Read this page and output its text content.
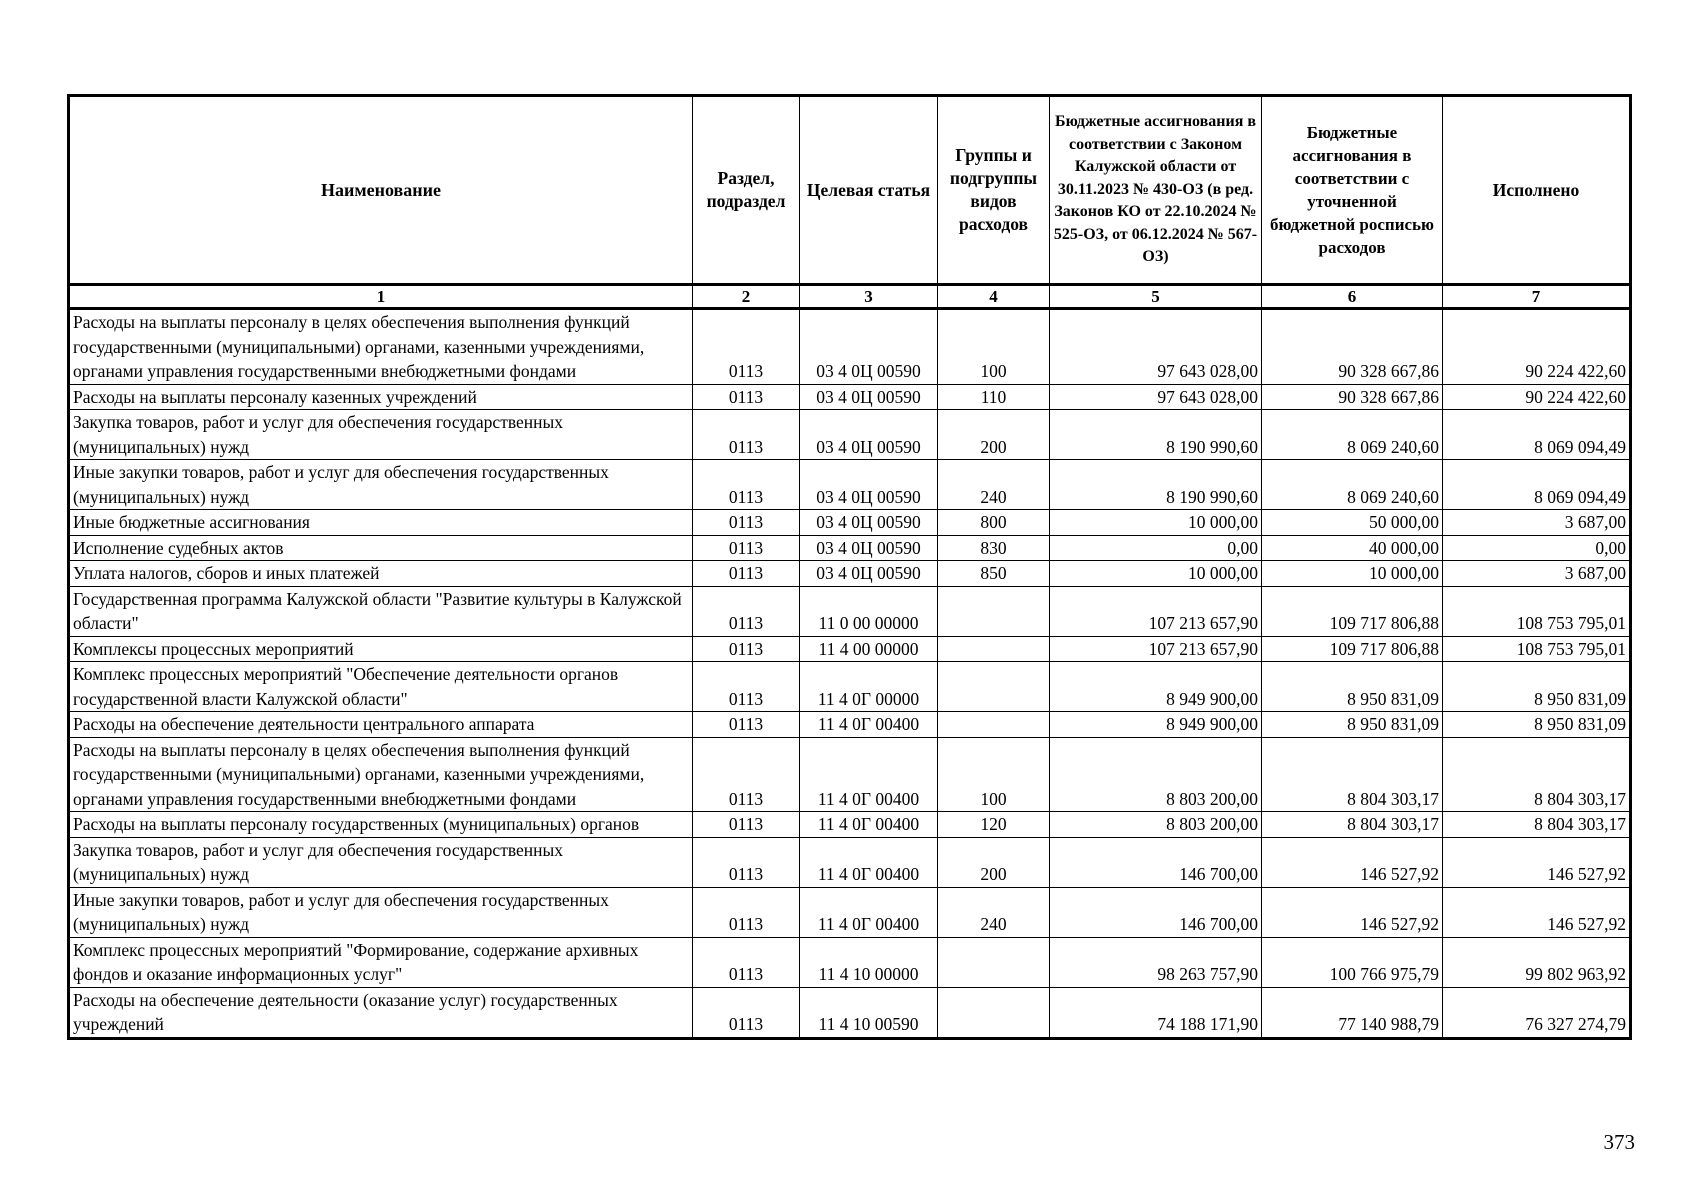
Наименование	Раздел, подраздел	Целевая статья	Группы и подгруппы видов расходов	Бюджетные ассигнования в соответствии с Законом Калужской области от 30.11.2023 № 430-ОЗ (в ред. Законов КО от 22.10.2024 № 525-ОЗ, от 06.12.2024 № 567-ОЗ)	Бюджетные ассигнования в соответствии с уточненной бюджетной росписью расходов	Исполнено
1	2	3	4	5	6	7
Расходы на выплаты персоналу в целях обеспечения выполнения функций государственными (муниципальными) органами, казенными учреждениями, органами управления государственными внебюджетными фондами	0113	03 4 0Ц 00590	100	97 643 028,00	90 328 667,86	90 224 422,60
Расходы на выплаты персоналу казенных учреждений	0113	03 4 0Ц 00590	110	97 643 028,00	90 328 667,86	90 224 422,60
Закупка товаров, работ и услуг для обеспечения государственных (муниципальных) нужд	0113	03 4 0Ц 00590	200	8 190 990,60	8 069 240,60	8 069 094,49
Иные закупки товаров, работ и услуг для обеспечения государственных (муниципальных) нужд	0113	03 4 0Ц 00590	240	8 190 990,60	8 069 240,60	8 069 094,49
Иные бюджетные ассигнования	0113	03 4 0Ц 00590	800	10 000,00	50 000,00	3 687,00
Исполнение судебных актов	0113	03 4 0Ц 00590	830	0,00	40 000,00	0,00
Уплата налогов, сборов и иных платежей	0113	03 4 0Ц 00590	850	10 000,00	10 000,00	3 687,00
Государственная программа Калужской области "Развитие культуры в Калужской области"	0113	11 0 00 00000		107 213 657,90	109 717 806,88	108 753 795,01
Комплексы процессных мероприятий	0113	11 4 00 00000		107 213 657,90	109 717 806,88	108 753 795,01
Комплекс процессных мероприятий "Обеспечение деятельности органов государственной власти Калужской области"	0113	11 4 0Г 00000		8 949 900,00	8 950 831,09	8 950 831,09
Расходы на обеспечение деятельности центрального аппарата	0113	11 4 0Г 00400		8 949 900,00	8 950 831,09	8 950 831,09
Расходы на выплаты персоналу в целях обеспечения выполнения функций государственными (муниципальными) органами, казенными учреждениями, органами управления государственными внебюджетными фондами	0113	11 4 0Г 00400	100	8 803 200,00	8 804 303,17	8 804 303,17
Расходы на выплаты персоналу государственных (муниципальных) органов	0113	11 4 0Г 00400	120	8 803 200,00	8 804 303,17	8 804 303,17
Закупка товаров, работ и услуг для обеспечения государственных (муниципальных) нужд	0113	11 4 0Г 00400	200	146 700,00	146 527,92	146 527,92
Иные закупки товаров, работ и услуг для обеспечения государственных (муниципальных) нужд	0113	11 4 0Г 00400	240	146 700,00	146 527,92	146 527,92
Комплекс процессных мероприятий "Формирование, содержание архивных фондов и оказание информационных услуг"	0113	11 4 10 00000		98 263 757,90	100 766 975,79	99 802 963,92
Расходы на обеспечение деятельности (оказание услуг) государственных учреждений	0113	11 4 10 00590		74 188 171,90	77 140 988,79	76 327 274,79
373
